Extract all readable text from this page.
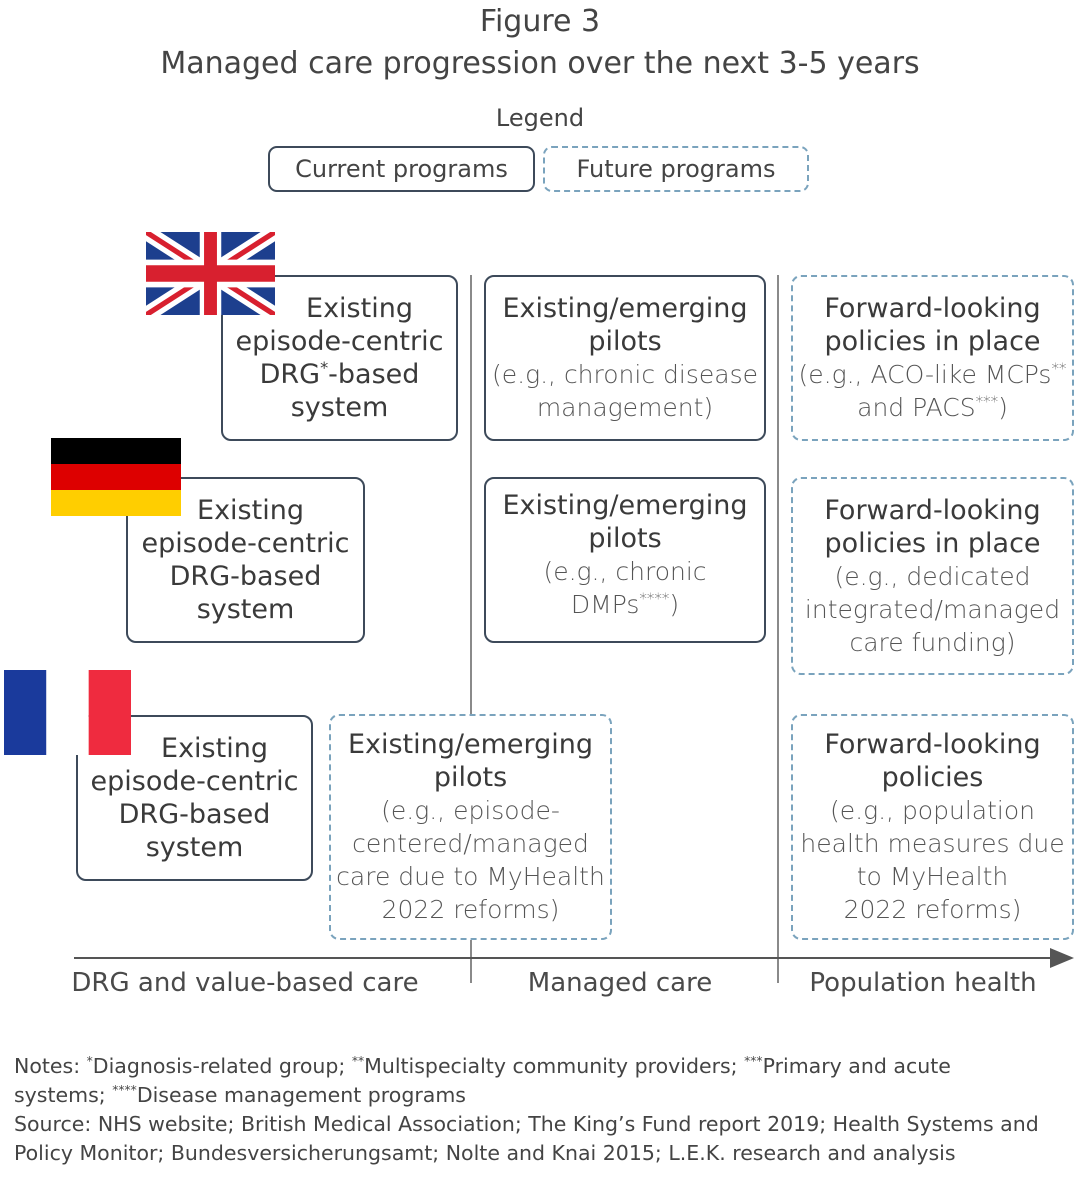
Figure 3
Managed care progression over the next 3-5 years
Legend
Current programs	Future programs
Existing
episode-centric
DRG*-based
system
Existing/emerging
pilots
(e.g., chronic disease
management)
Forward-looking
policies in place
(e.g., ACO-like MCPs**
and PACS***)
Existing
episode-centric
DRG-based
system
Existing/emerging
pilots
(e.g., chronic DMPs****)
Forward-looking
policies in place
(e.g., dedicated
integrated/managed
care funding)
Existing
episode-centric
DRG-based
system
Existing/emerging
pilots
(e.g., episode-
centered/managed
care due to MyHealth
2022 reforms)
Forward-looking
policies
(e.g., population
health measures due
to MyHealth
2022 reforms)
DRG and value-based care	Managed care	Population health
Notes: *Diagnosis-related group; **Multispecialty community providers; ***Primary and acute
systems; ****Disease management programs
Source: NHS website; British Medical Association; The King’s Fund report 2019; Health Systems and
Policy Monitor; Bundesversicherungsamt; Nolte and Knai 2015; L.E.K. research and analysis
